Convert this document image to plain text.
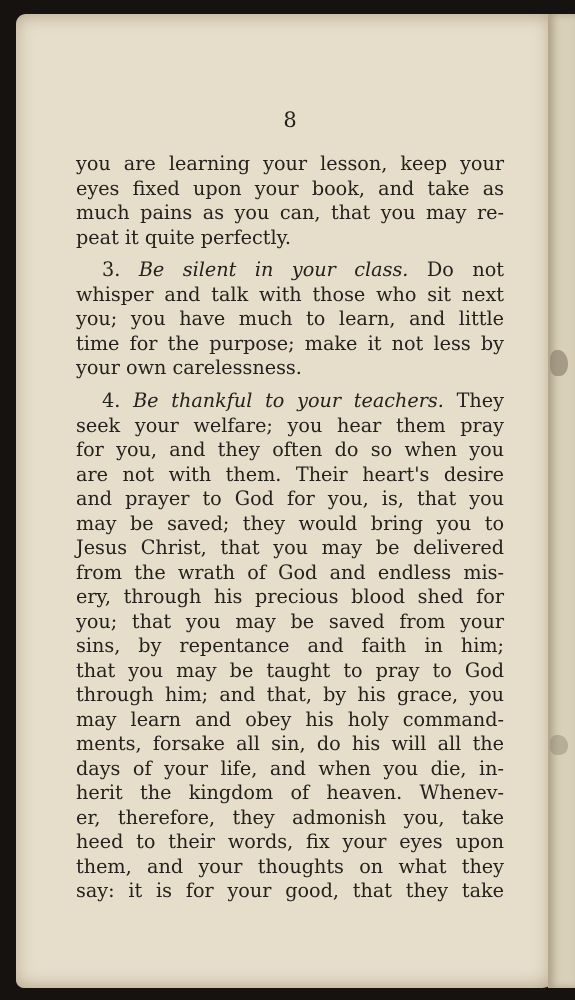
8
you are learning your lesson, keep your
eyes fixed upon your book, and take as
much pains as you can, that you may re-
peat it quite perfectly.
3. Be silent in your class. Do not
whisper and talk with those who sit next
you; you have much to learn, and little
time for the purpose; make it not less by
your own carelessness.
4. Be thankful to your teachers. They
seek your welfare; you hear them pray
for you, and they often do so when you
are not with them. Their heart's desire
and prayer to God for you, is, that you
may be saved; they would bring you to
Jesus Christ, that you may be delivered
from the wrath of God and endless mis-
ery, through his precious blood shed for
you; that you may be saved from your
sins, by repentance and faith in him;
that you may be taught to pray to God
through him; and that, by his grace, you
may learn and obey his holy command-
ments, forsake all sin, do his will all the
days of your life, and when you die, in-
herit the kingdom of heaven. Whenev-
er, therefore, they admonish you, take
heed to their words, fix your eyes upon
them, and your thoughts on what they
say: it is for your good, that they take
